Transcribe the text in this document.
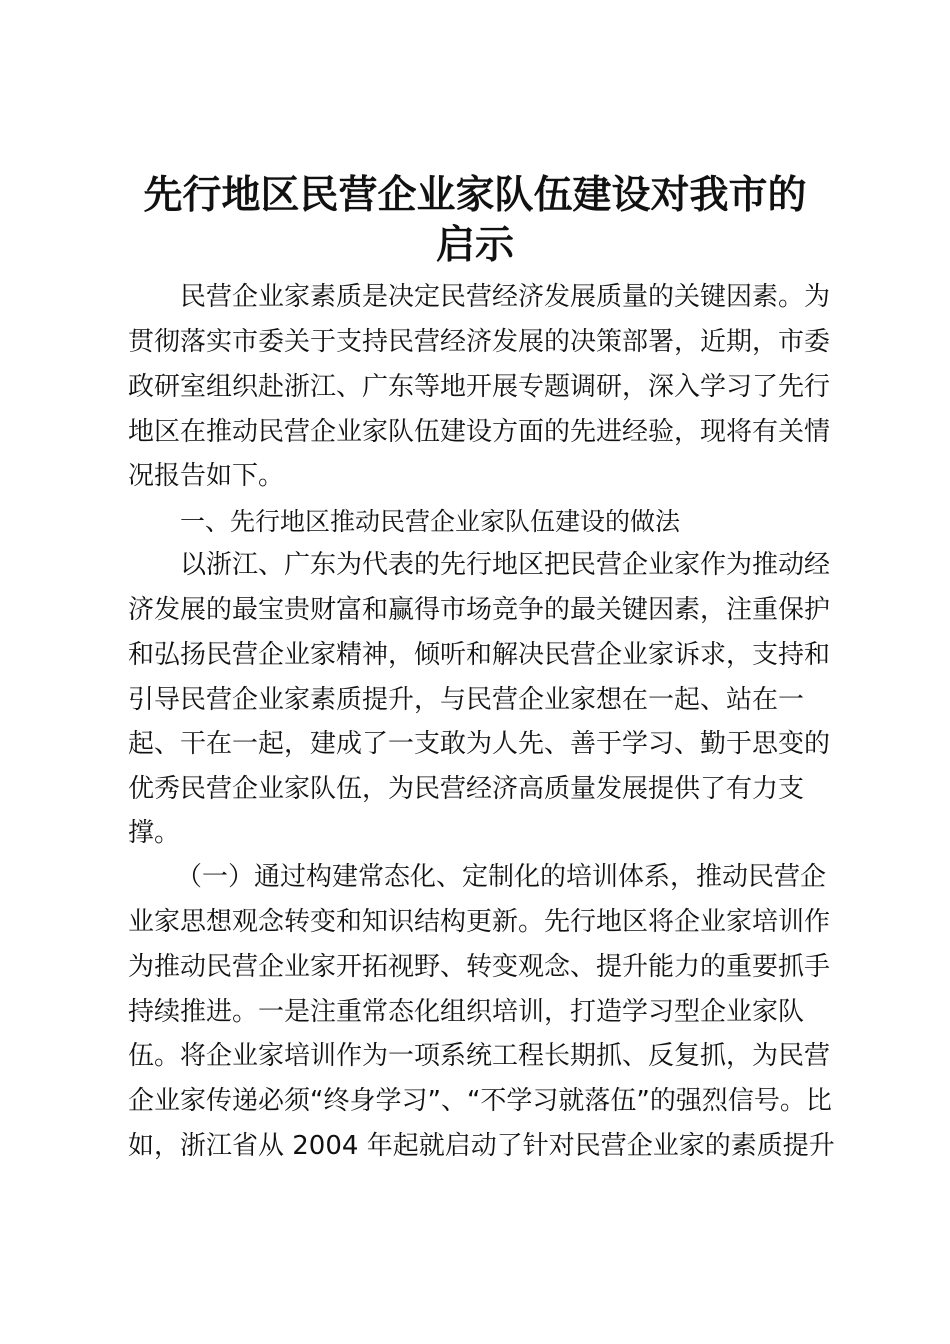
先行地区民营企业家队伍建设对我市的
启示

民营企业家素质是决定民营经济发展质量的关键因素。为

贯彻落实市委关于支持民营经济发展的决策部署，近期，市委

政研室组织赴浙江、广东等地开展专题调研，深入学习了先行

地区在推动民营企业家队伍建设方面的先进经验，现将有关情

况报告如下。

一、先行地区推动民营企业家队伍建设的做法

以浙江、广东为代表的先行地区把民营企业家作为推动经

济发展的最宝贵财富和赢得市场竞争的最关键因素，注重保护

和弘扬民营企业家精神，倾听和解决民营企业家诉求，支持和

引导民营企业家素质提升，与民营企业家想在一起、站在一

起、干在一起，建成了一支敢为人先、善于学习、勤于思变的

优秀民营企业家队伍，为民营经济高质量发展提供了有力支

撑。

（一）通过构建常态化、定制化的培训体系，推动民营企

业家思想观念转变和知识结构更新。先行地区将企业家培训作

为推动民营企业家开拓视野、转变观念、提升能力的重要抓手

持续推进。一是注重常态化组织培训，打造学习型企业家队

伍。将企业家培训作为一项系统工程长期抓、反复抓，为民营

企业家传递必须“终身学习”、“不学习就落伍”的强烈信号。比

如，浙江省从 2004 年起就启动了针对民营企业家的素质提升
